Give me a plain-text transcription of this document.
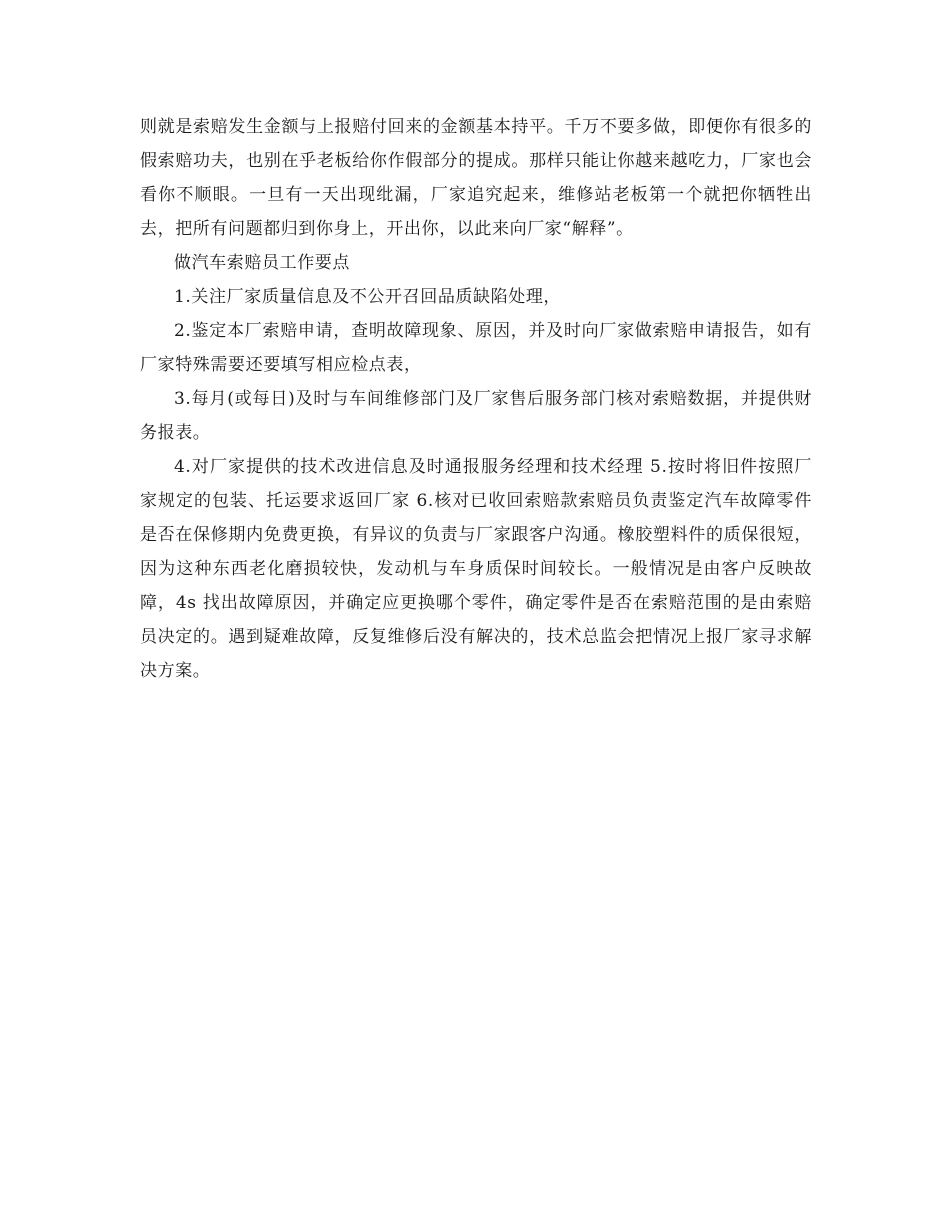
则就是索赔发生金额与上报赔付回来的金额基本持平。千万不要多做，即便你有很多的假索赔功夫，也别在乎老板给你作假部分的提成。那样只能让你越来越吃力，厂家也会看你不顺眼。一旦有一天出现纰漏，厂家追究起来，维修站老板第一个就把你牺牲出去，把所有问题都归到你身上，开出你，以此来向厂家“解释”。

做汽车索赔员工作要点

1.关注厂家质量信息及不公开召回品质缺陷处理，

2.鉴定本厂索赔申请，查明故障现象、原因，并及时向厂家做索赔申请报告，如有厂家特殊需要还要填写相应检点表，

3.每月(或每日)及时与车间维修部门及厂家售后服务部门核对索赔数据，并提供财务报表。

4.对厂家提供的技术改进信息及时通报服务经理和技术经理 5.按时将旧件按照厂家规定的包装、托运要求返回厂家 6.核对已收回索赔款索赔员负责鉴定汽车故障零件是否在保修期内免费更换，有异议的负责与厂家跟客户沟通。橡胶塑料件的质保很短，因为这种东西老化磨损较快，发动机与车身质保时间较长。一般情况是由客户反映故障，4s 找出故障原因，并确定应更换哪个零件，确定零件是否在索赔范围的是由索赔员决定的。遇到疑难故障，反复维修后没有解决的，技术总监会把情况上报厂家寻求解决方案。
